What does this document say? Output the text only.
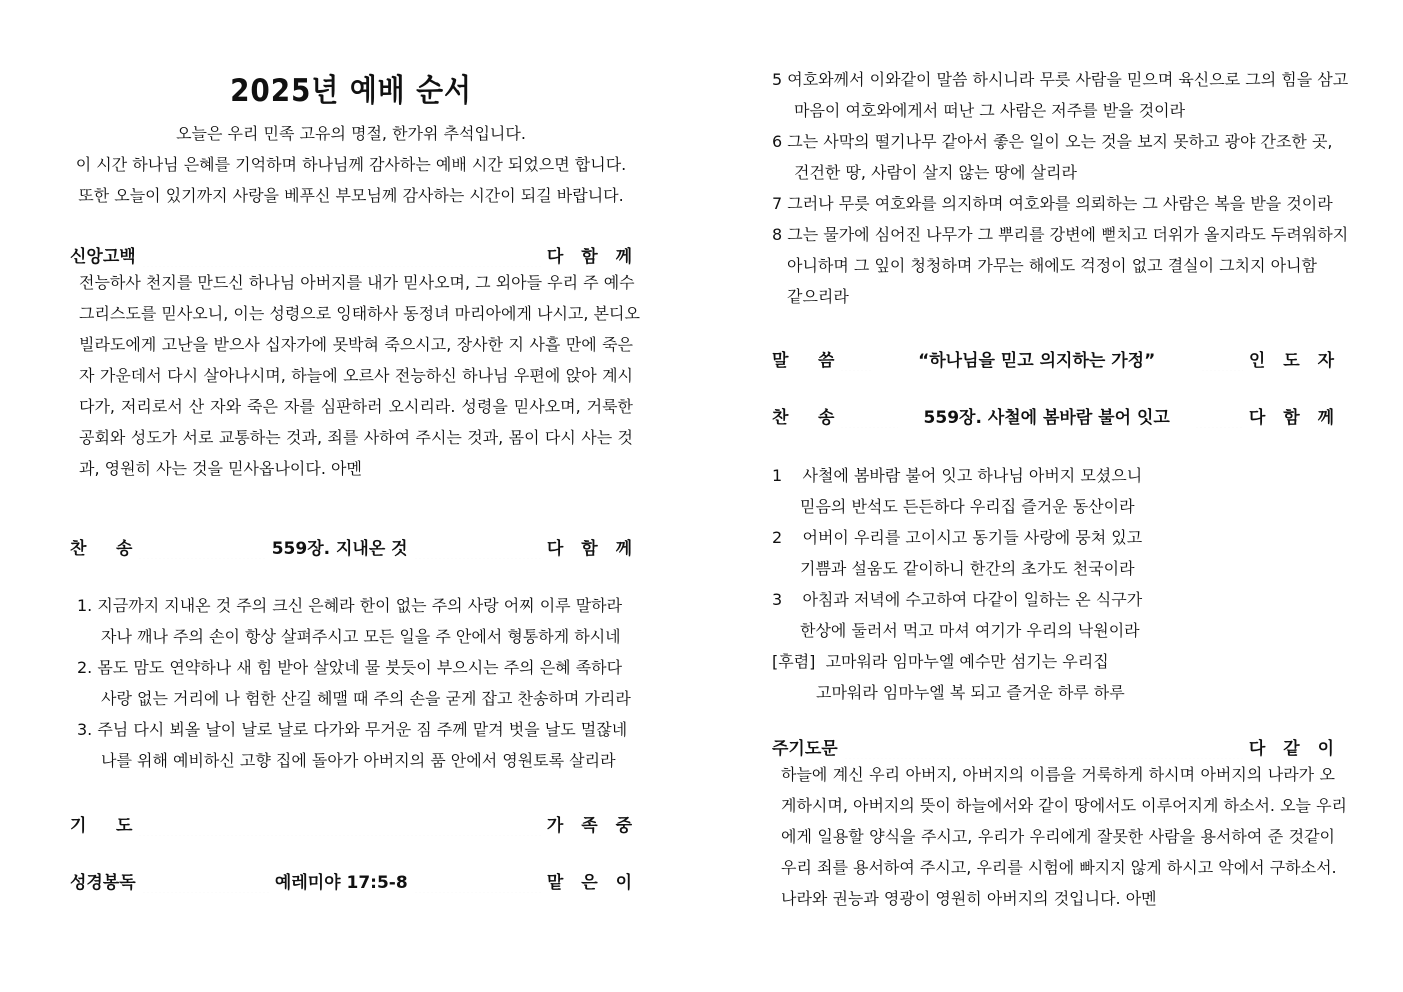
2025년 예배 순서
오늘은 우리 민족 고유의 명절, 한가위 추석입니다.
이 시간 하나님 은혜를 기억하며 하나님께 감사하는 예배 시간 되었으면 합니다.
또한 오늘이 있기까지 사랑을 베푸신 부모님께 감사하는 시간이 되길 바랍니다.
신앙고백	다 함 께
전능하사 천지를 만드신 하나님 아버지를 내가 믿사오며, 그 외아들 우리 주 예수
그리스도를 믿사오니, 이는 성령으로 잉태하사 동정녀 마리아에게 나시고, 본디오
빌라도에게 고난을 받으사 십자가에 못박혀 죽으시고, 장사한 지 사흘 만에 죽은
자 가운데서 다시 살아나시며, 하늘에 오르사 전능하신 하나님 우편에 앉아 계시
다가, 저리로서 산 자와 죽은 자를 심판하러 오시리라. 성령을 믿사오며, 거룩한
공회와 성도가 서로 교통하는 것과, 죄를 사하여 주시는 것과, 몸이 다시 사는 것
과, 영원히 사는 것을 믿사옵나이다. 아멘
찬     송	559장. 지내온 것	다 함 께
1. 지금까지 지내온 것 주의 크신 은혜라 한이 없는 주의 사랑 어찌 이루 말하라
자나 깨나 주의 손이 항상 살펴주시고 모든 일을 주 안에서 형통하게 하시네
2. 몸도 맘도 연약하나 새 힘 받아 살았네 물 붓듯이 부으시는 주의 은혜 족하다
사랑 없는 거리에 나 험한 산길 헤맬 때 주의 손을 굳게 잡고 찬송하며 가리라
3. 주님 다시 뵈올 날이 날로 날로 다가와 무거운 짐 주께 맡겨 벗을 날도 멀잖네
나를 위해 예비하신 고향 집에 돌아가 아버지의 품 안에서 영원토록 살리라
기     도	가 족 중
성경봉독	예레미야 17:5-8	맡 은 이
5 여호와께서 이와같이 말씀 하시니라 무릇 사람을 믿으며 육신으로 그의 힘을 삼고
마음이 여호와에게서 떠난 그 사람은 저주를 받을 것이라
6 그는 사막의 떨기나무 같아서 좋은 일이 오는 것을 보지 못하고 광야 간조한 곳,
건건한 땅, 사람이 살지 않는 땅에 살리라
7 그러나 무릇 여호와를 의지하며 여호와를 의뢰하는 그 사람은 복을 받을 것이라
8 그는 물가에 심어진 나무가 그 뿌리를 강변에 뻗치고 더위가 올지라도 두려워하지
아니하며 그 잎이 청청하며 가무는 해에도 걱정이 없고 결실이 그치지 아니함
같으리라
말     씀	“하나님을 믿고 의지하는 가정”	인 도 자
찬     송	559장. 사철에 봄바람 불어 잇고	다 함 께
1    사철에 봄바람 불어 잇고 하나님 아버지 모셨으니
믿음의 반석도 든든하다 우리집 즐거운 동산이라
2    어버이 우리를 고이시고 동기들 사랑에 뭉쳐 있고
기쁨과 설움도 같이하니 한간의 초가도 천국이라
3    아침과 저녁에 수고하여 다같이 일하는 온 식구가
한상에 둘러서 먹고 마셔 여기가 우리의 낙원이라
[후렴]  고마워라 임마누엘 예수만 섬기는 우리집
고마워라 임마누엘 복 되고 즐거운 하루 하루
주기도문	다 같 이
하늘에 계신 우리 아버지, 아버지의 이름을 거룩하게 하시며 아버지의 나라가 오
게하시며, 아버지의 뜻이 하늘에서와 같이 땅에서도 이루어지게 하소서. 오늘 우리
에게 일용할 양식을 주시고, 우리가 우리에게 잘못한 사람을 용서하여 준 것같이
우리 죄를 용서하여 주시고, 우리를 시험에 빠지지 않게 하시고 악에서 구하소서.
나라와 권능과 영광이 영원히 아버지의 것입니다. 아멘
